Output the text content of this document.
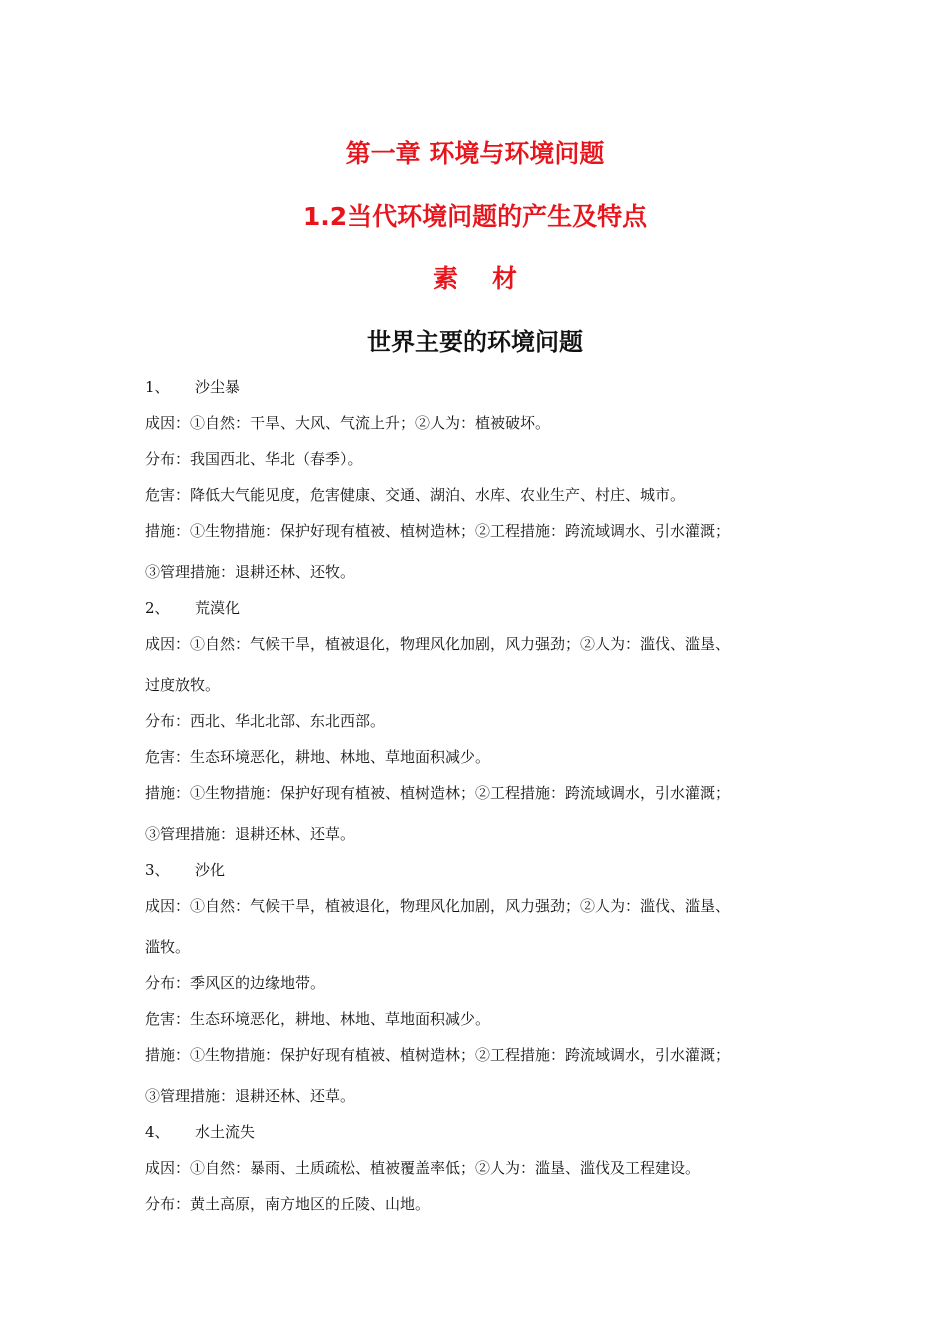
第一章 环境与环境问题
1.2当代环境问题的产生及特点
素材
世界主要的环境问题
1、 沙尘暴
成因：①自然：干旱、大风、气流上升；②人为：植被破坏。
分布：我国西北、华北（春季）。
危害：降低大气能见度，危害健康、交通、湖泊、水库、农业生产、村庄、城市。
措施：①生物措施：保护好现有植被、植树造林；②工程措施：跨流域调水、引水灌溉；
③管理措施：退耕还林、还牧。
2、 荒漠化
成因：①自然：气候干旱，植被退化，物理风化加剧，风力强劲；②人为：滥伐、滥垦、
过度放牧。
分布：西北、华北北部、东北西部。
危害：生态环境恶化，耕地、林地、草地面积减少。
措施：①生物措施：保护好现有植被、植树造林；②工程措施：跨流域调水，引水灌溉；
③管理措施：退耕还林、还草。
3、 沙化
成因：①自然：气候干旱，植被退化，物理风化加剧，风力强劲；②人为：滥伐、滥垦、
滥牧。
分布：季风区的边缘地带。
危害：生态环境恶化，耕地、林地、草地面积减少。
措施：①生物措施：保护好现有植被、植树造林；②工程措施：跨流域调水，引水灌溉；
③管理措施：退耕还林、还草。
4、 水土流失
成因：①自然：暴雨、土质疏松、植被覆盖率低；②人为：滥垦、滥伐及工程建设。
分布：黄土高原，南方地区的丘陵、山地。
